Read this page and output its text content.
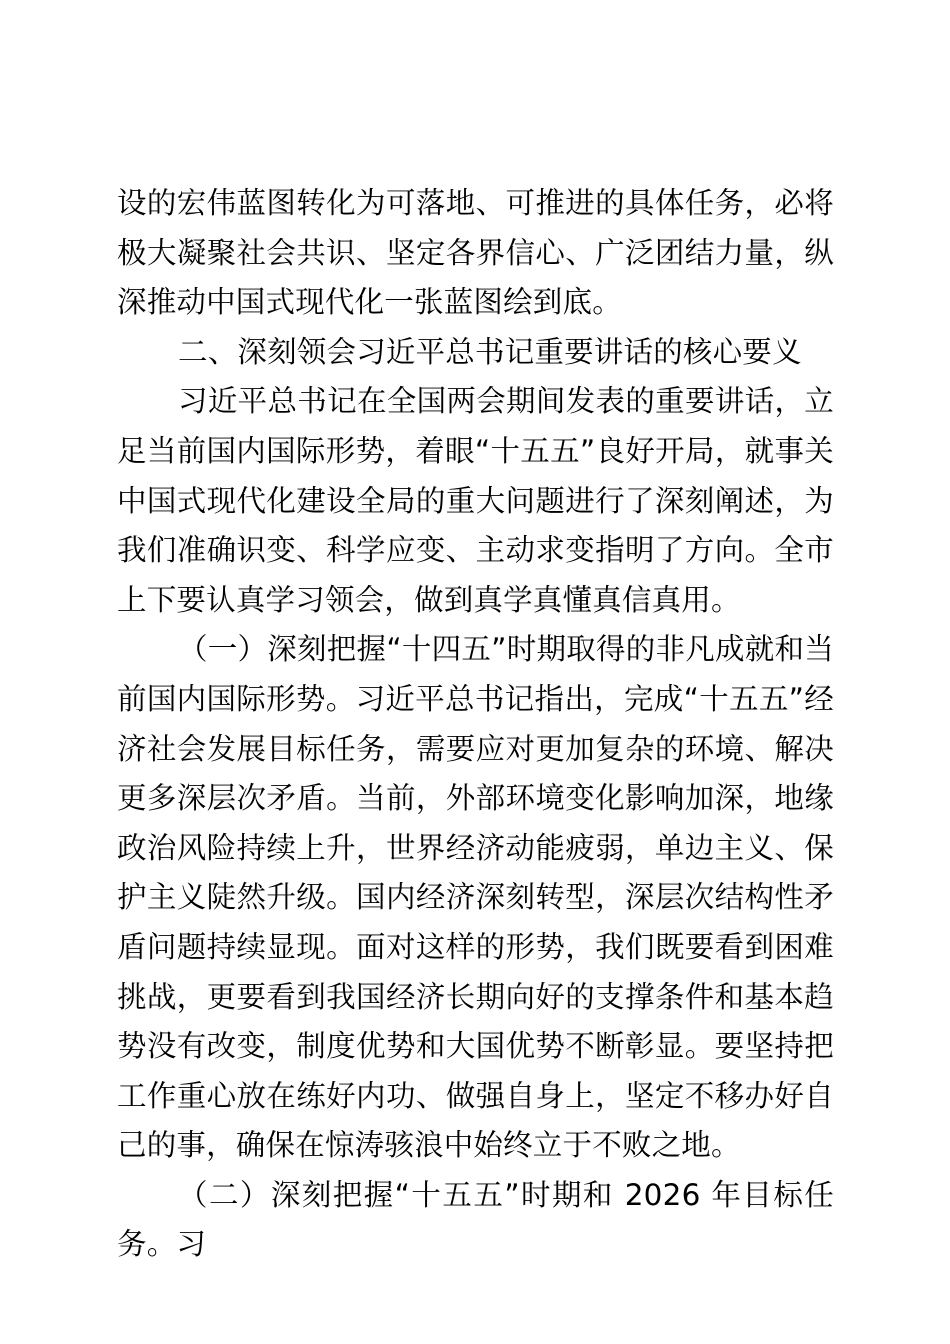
设的宏伟蓝图转化为可落地、可推进的具体任务，必将极大凝聚社会共识、坚定各界信心、广泛团结力量，纵深推动中国式现代化一张蓝图绘到底。

二、深刻领会习近平总书记重要讲话的核心要义

习近平总书记在全国两会期间发表的重要讲话，立足当前国内国际形势，着眼“十五五”良好开局，就事关中国式现代化建设全局的重大问题进行了深刻阐述，为我们准确识变、科学应变、主动求变指明了方向。全市上下要认真学习领会，做到真学真懂真信真用。

（一）深刻把握“十四五”时期取得的非凡成就和当前国内国际形势。习近平总书记指出，完成“十五五”经济社会发展目标任务，需要应对更加复杂的环境、解决更多深层次矛盾。当前，外部环境变化影响加深，地缘政治风险持续上升，世界经济动能疲弱，单边主义、保护主义陡然升级。国内经济深刻转型，深层次结构性矛盾问题持续显现。面对这样的形势，我们既要看到困难挑战，更要看到我国经济长期向好的支撑条件和基本趋势没有改变，制度优势和大国优势不断彰显。要坚持把工作重心放在练好内功、做强自身上，坚定不移办好自己的事，确保在惊涛骇浪中始终立于不败之地。

（二）深刻把握“十五五”时期和 2026 年目标任务。习
